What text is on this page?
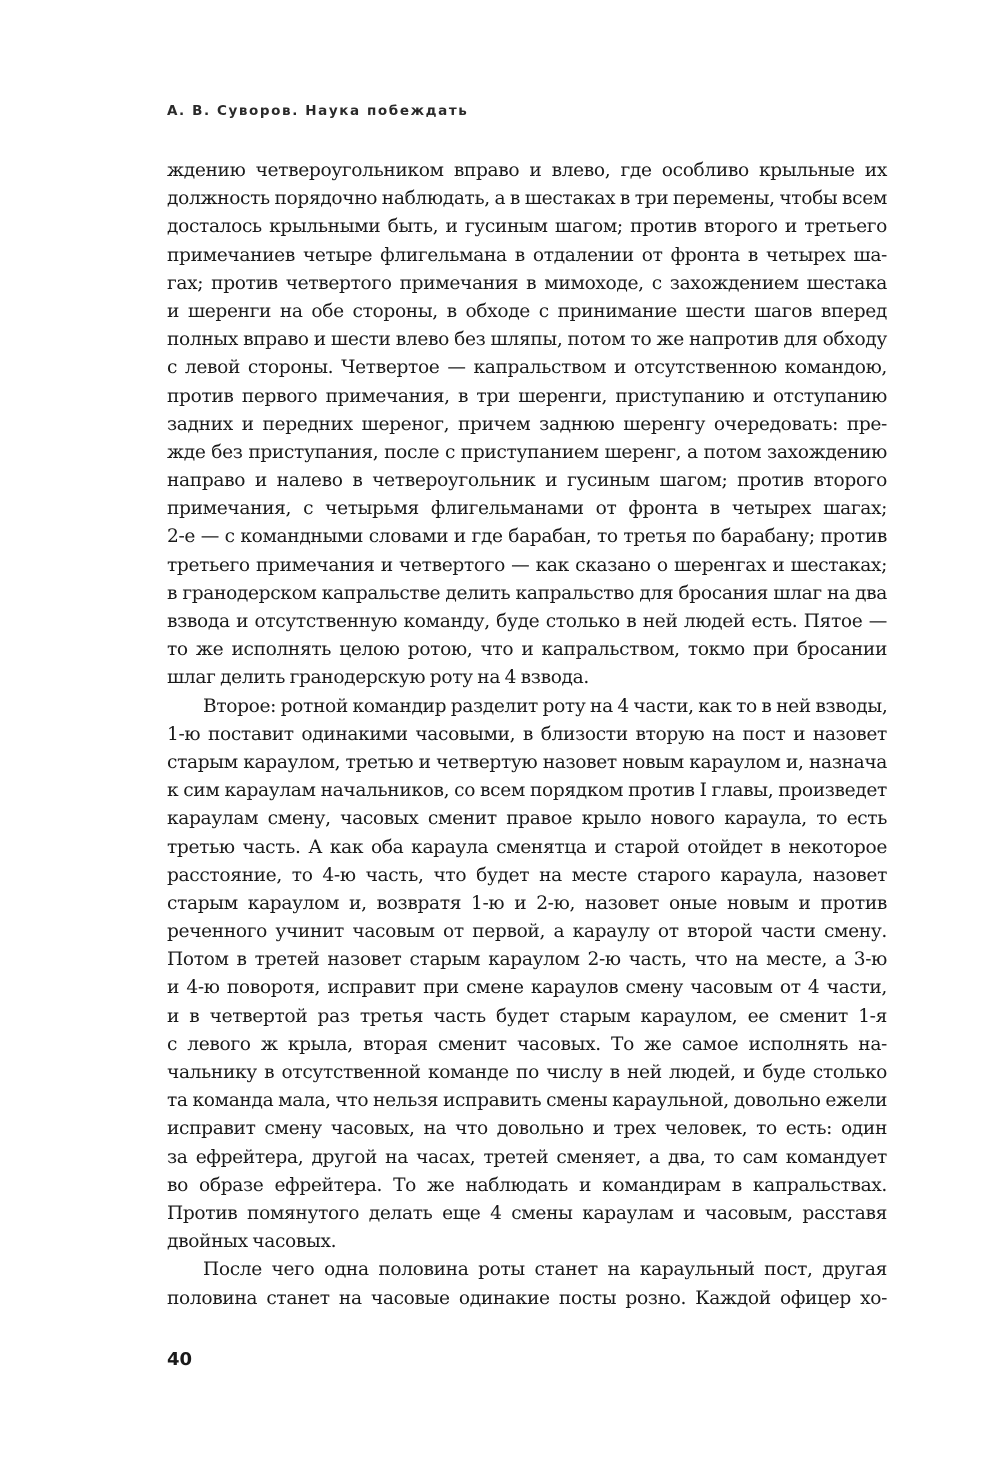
А. В. Суворов. Наука побеждать
ждению четвероугольником вправо и влево, где особливо крыльные их
должность порядочно наблюдать, а в шестаках в три перемены, чтобы всем
досталось крыльными быть, и гусиным шагом; против второго и третьего
примечаниев четыре флигельмана в отдалении от фронта в четырех ша-
гах; против четвертого примечания в мимоходе, с захождением шестака
и шеренги на обе стороны, в обходе с принимание шести шагов вперед
полных вправо и шести влево без шляпы, потом то же напротив для обходу
с левой стороны. Четвертое — капральством и отсутственною командою,
против первого примечания, в три шеренги, приступанию и отступанию
задних и передних шереног, причем заднюю шеренгу очередовать: пре-
жде без приступания, после с приступанием шеренг, а потом захождению
направо и налево в четвероугольник и гусиным шагом; против второго
примечания, с четырьмя флигельманами от фронта в четырех шагах;
2-е — с командными словами и где барабан, то третья по барабану; против
третьего примечания и четвертого — как сказано о шеренгах и шестаках;
в гранодерском капральстве делить капральство для бросания шлаг на два
взвода и отсутственную команду, буде столько в ней людей есть. Пятое —
то же исполнять целою ротою, что и капральством, токмо при бросании
шлаг делить гранодерскую роту на 4 взвода.
Второе: ротной командир разделит роту на 4 части, как то в ней взводы,
1-ю поставит одинакими часовыми, в близости вторую на пост и назовет
старым караулом, третью и четвертую назовет новым караулом и, назнача
к сим караулам начальников, со всем порядком против I главы, произведет
караулам смену, часовых сменит правое крыло нового караула, то есть
третью часть. А как оба караула сменятца и старой отойдет в некоторое
расстояние, то 4-ю часть, что будет на месте старого караула, назовет
старым караулом и, возвратя 1-ю и 2-ю, назовет оные новым и против
реченного учинит часовым от первой, а караулу от второй части смену.
Потом в третей назовет старым караулом 2-ю часть, что на месте, а 3-ю
и 4-ю поворотя, исправит при смене караулов смену часовым от 4 части,
и в четвертой раз третья часть будет старым караулом, ее сменит 1-я
с левого ж крыла, вторая сменит часовых. То же самое исполнять на-
чальнику в отсутственной команде по числу в ней людей, и буде столько
та команда мала, что нельзя исправить смены караульной, довольно ежели
исправит смену часовых, на что довольно и трех человек, то есть: один
за ефрейтера, другой на часах, третей сменяет, а два, то сам командует
во образе ефрейтера. То же наблюдать и командирам в капральствах.
Против помянутого делать еще 4 смены караулам и часовым, расставя
двойных часовых.
После чего одна половина роты станет на караульный пост, другая
половина станет на часовые одинакие посты розно. Каждой офицер хо-
40
